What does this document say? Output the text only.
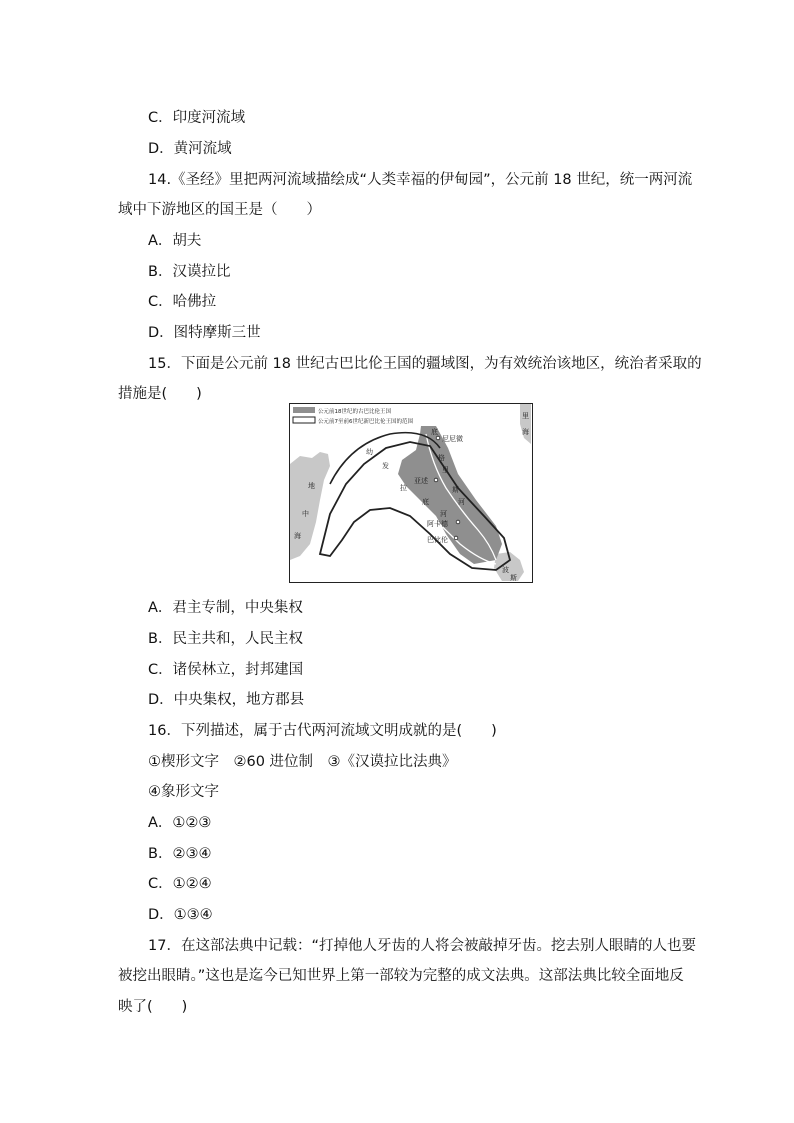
C．印度河流域
D．黄河流域
14.《圣经》里把两河流域描绘成“人类幸福的伊甸园”，公元前 18 世纪，统一两河流
域中下游地区的国王是（　　）
A．胡夫
B．汉谟拉比
C．哈佛拉
D．图特摩斯三世
15．下面是公元前 18 世纪古巴比伦王国的疆域图，为有效统治该地区，统治者采取的
措施是(　　)
公元前18世纪的古巴比伦王国
公元前7至前6世纪新巴比伦王国的范围
尼尼微
亚述
阿卡德
巴比伦
底
格
里
斯
河
幼
发
拉
底
河
地
中
海
里
海
波
斯
A．君主专制，中央集权
B．民主共和，人民主权
C．诸侯林立，封邦建国
D．中央集权，地方郡县
16．下列描述，属于古代两河流域文明成就的是(　　)
①楔形文字　②60 进位制　③《汉谟拉比法典》
④象形文字
A．①②③
B．②③④
C．①②④
D．①③④
17．在这部法典中记载：“打掉他人牙齿的人将会被敲掉牙齿。挖去别人眼睛的人也要
被挖出眼睛。”这也是迄今已知世界上第一部较为完整的成文法典。这部法典比较全面地反
映了(　　)
